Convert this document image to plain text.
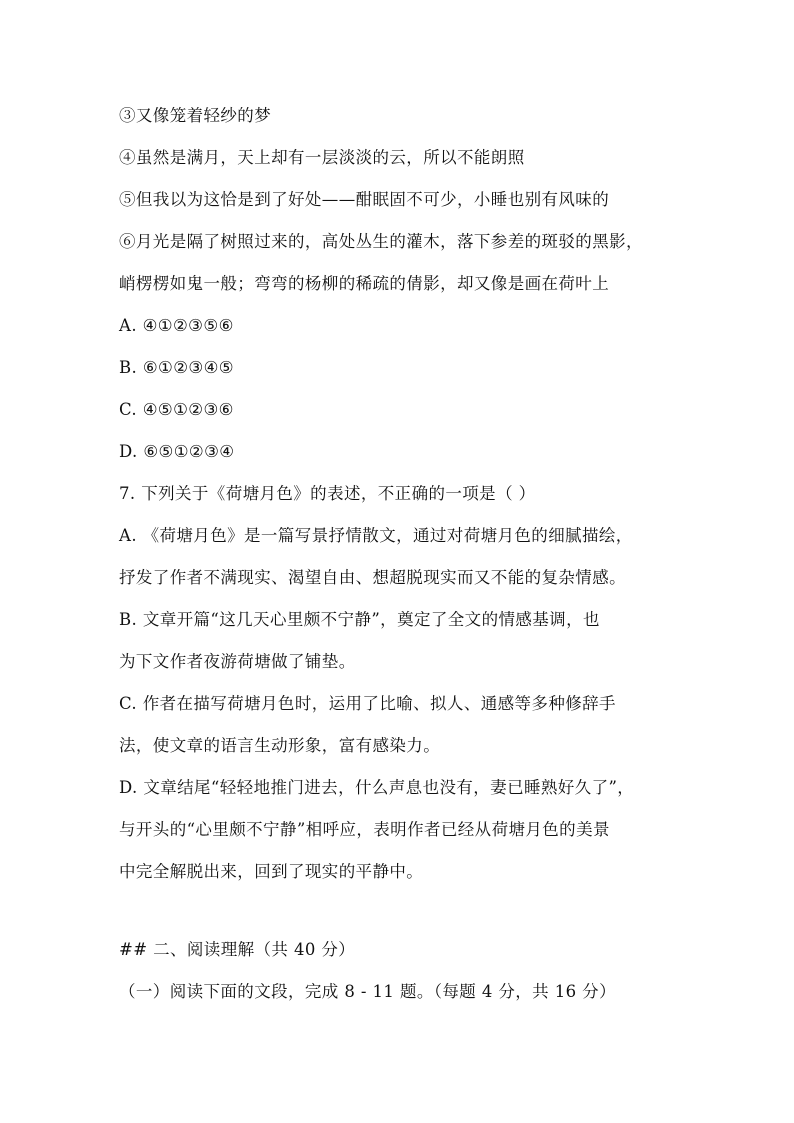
③又像笼着轻纱的梦
④虽然是满月，天上却有一层淡淡的云，所以不能朗照
⑤但我以为这恰是到了好处——酣眠固不可少，小睡也别有风味的
⑥月光是隔了树照过来的，高处丛生的灌木，落下参差的斑驳的黑影，
峭楞楞如鬼一般；弯弯的杨柳的稀疏的倩影，却又像是画在荷叶上
A. ④①②③⑤⑥
B. ⑥①②③④⑤
C. ④⑤①②③⑥
D. ⑥⑤①②③④
7. 下列关于《荷塘月色》的表述，不正确的一项是（ ）
A. 《荷塘月色》是一篇写景抒情散文，通过对荷塘月色的细腻描绘，
抒发了作者不满现实、渴望自由、想超脱现实而又不能的复杂情感。
B. 文章开篇“这几天心里颇不宁静”，奠定了全文的情感基调，也
为下文作者夜游荷塘做了铺垫。
C. 作者在描写荷塘月色时，运用了比喻、拟人、通感等多种修辞手
法，使文章的语言生动形象，富有感染力。
D. 文章结尾“轻轻地推门进去，什么声息也没有，妻已睡熟好久了”，
与开头的“心里颇不宁静”相呼应，表明作者已经从荷塘月色的美景
中完全解脱出来，回到了现实的平静中。
## 二、阅读理解（共 40 分）
（一）阅读下面的文段，完成 8 - 11 题。（每题 4 分，共 16 分）
